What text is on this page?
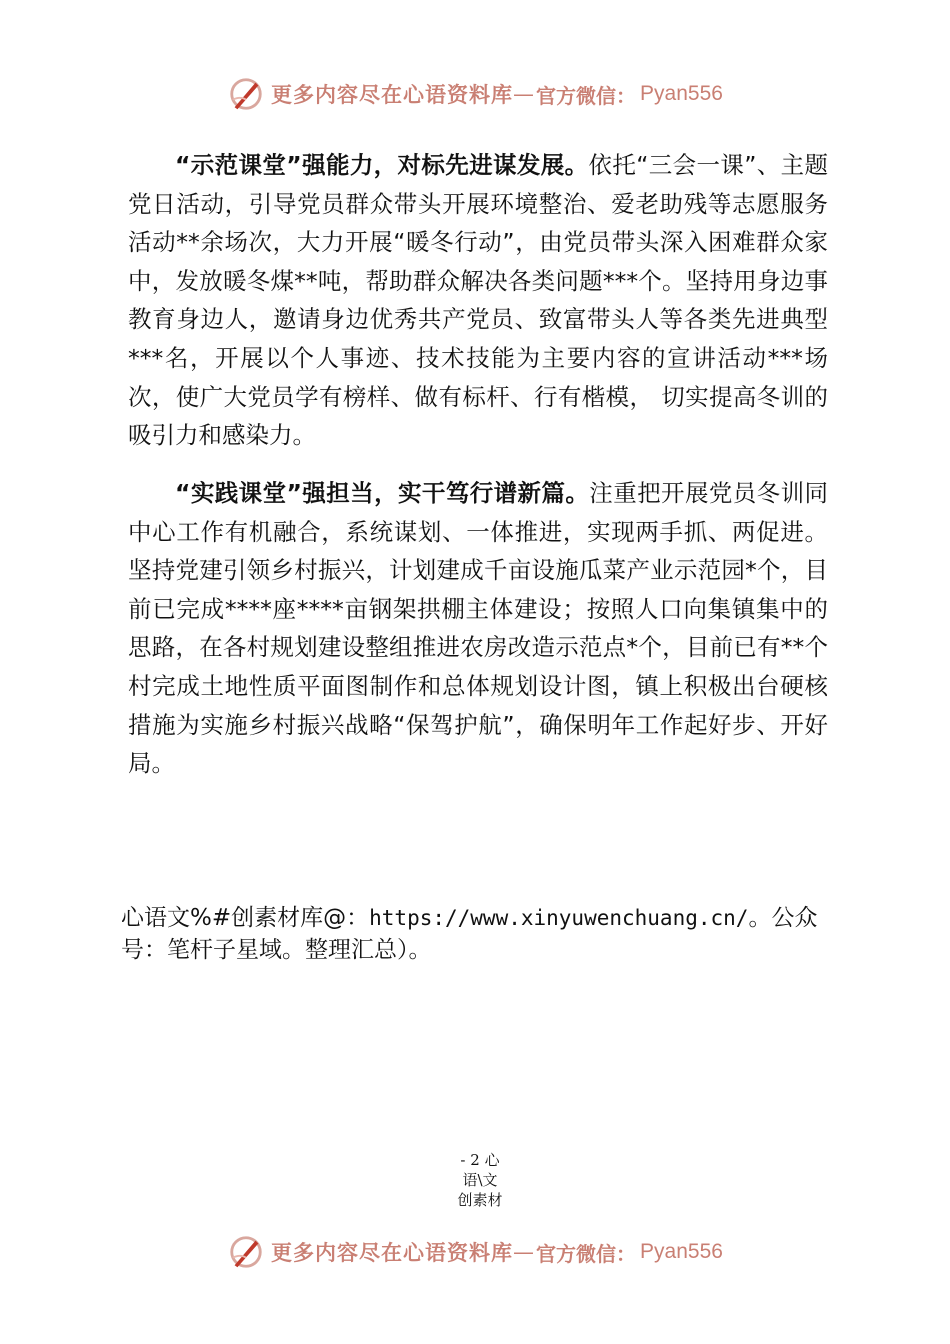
更多内容尽在心语资料库 — 官方微信： Pyan556
“示范课堂”强能力，对标先进谋发展。依托“三会一课”、主题党日活动，引导党员群众带头开展环境整治、爱老助残等志愿服务活动**余场次，大力开展“暖冬行动”，由党员带头深入困难群众家中，发放暖冬煤**吨，帮助群众解决各类问题***个。坚持用身边事教育身边人，邀请身边优秀共产党员、致富带头人等各类先进典型***名，开展以个人事迹、技术技能为主要内容的宣讲活动***场次，使广大党员学有榜样、做有标杆、行有楷模， 切实提高冬训的吸引力和感染力。
“实践课堂”强担当，实干笃行谱新篇。注重把开展党员冬训同中心工作有机融合，系统谋划、一体推进，实现两手抓、两促进。坚持党建引领乡村振兴，计划建成千亩设施瓜菜产业示范园*个，目前已完成****座****亩钢架拱棚主体建设；按照人口向集镇集中的思路，在各村规划建设整组推进农房改造示范点*个，目前已有**个村完成土地性质平面图制作和总体规划设计图，镇上积极出台硬核措施为实施乡村振兴战略“保驾护航”，确保明年工作起好步、开好局。
心语文%#创素材库@：https://www.xinyuwenchuang.cn/。公众号：笔杆子星域。整理汇总）。
- 2 心
语\文
创素材
更多内容尽在心语资料库 — 官方微信： Pyan556
